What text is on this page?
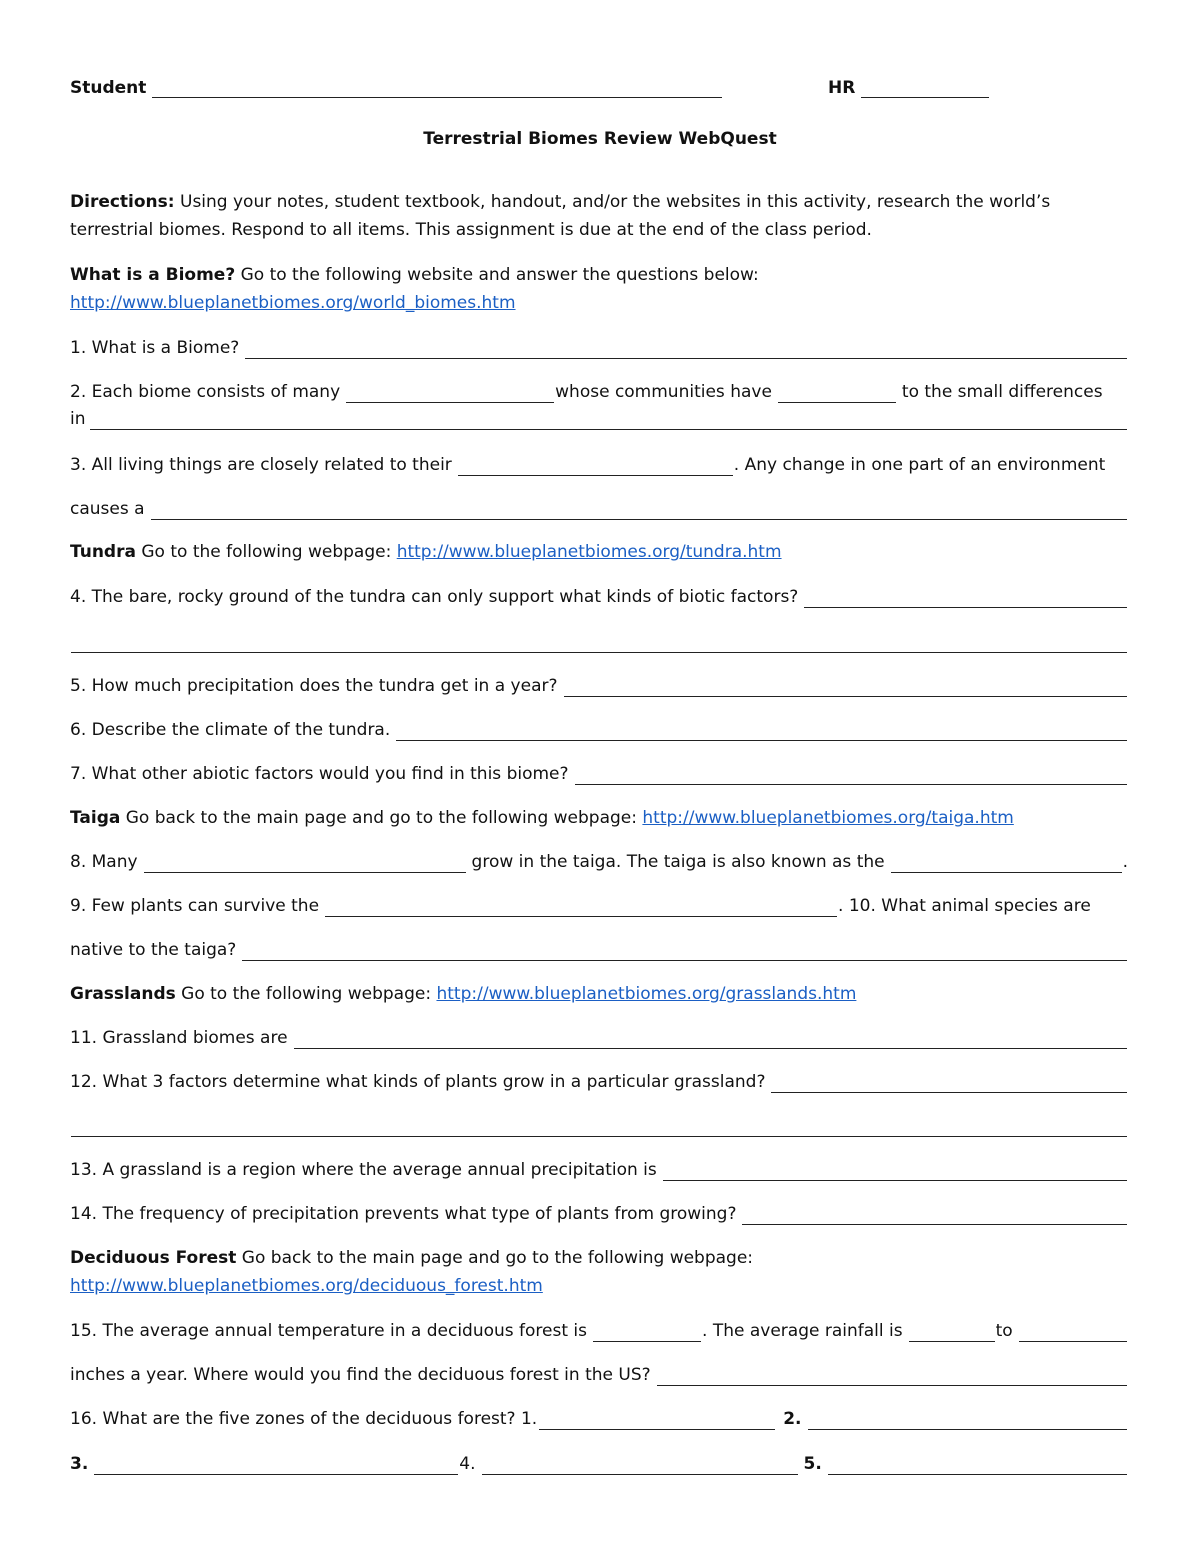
Student	HR
Terrestrial Biomes Review WebQuest
Directions: Using your notes, student textbook, handout, and/or the websites in this activity, research the world’s
terrestrial biomes. Respond to all items. This assignment is due at the end of the class period.
What is a Biome? Go to the following website and answer the questions below:
http://www.blueplanetbiomes.org/world_biomes.htm
1. What is a Biome?
2. Each biome consists of many	whose communities have	to the small differences
in
3. All living things are closely related to their	. Any change in one part of an environment
causes a
Tundra Go to the following webpage: http://www.blueplanetbiomes.org/tundra.htm
4. The bare, rocky ground of the tundra can only support what kinds of biotic factors?
5. How much precipitation does the tundra get in a year?
6. Describe the climate of the tundra.
7. What other abiotic factors would you find in this biome?
Taiga Go back to the main page and go to the following webpage: http://www.blueplanetbiomes.org/taiga.htm
8. Many	grow in the taiga. The taiga is also known as the	.
9. Few plants can survive the	. 10. What animal species are
native to the taiga?
Grasslands Go to the following webpage: http://www.blueplanetbiomes.org/grasslands.htm
11. Grassland biomes are
12. What 3 factors determine what kinds of plants grow in a particular grassland?
13. A grassland is a region where the average annual precipitation is
14. The frequency of precipitation prevents what type of plants from growing?
Deciduous Forest Go back to the main page and go to the following webpage:
http://www.blueplanetbiomes.org/deciduous_forest.htm
15. The average annual temperature in a deciduous forest is	. The average rainfall is	to
inches a year. Where would you find the deciduous forest in the US?
16. What are the five zones of the deciduous forest? 1.	2.
3.	4.	5.
